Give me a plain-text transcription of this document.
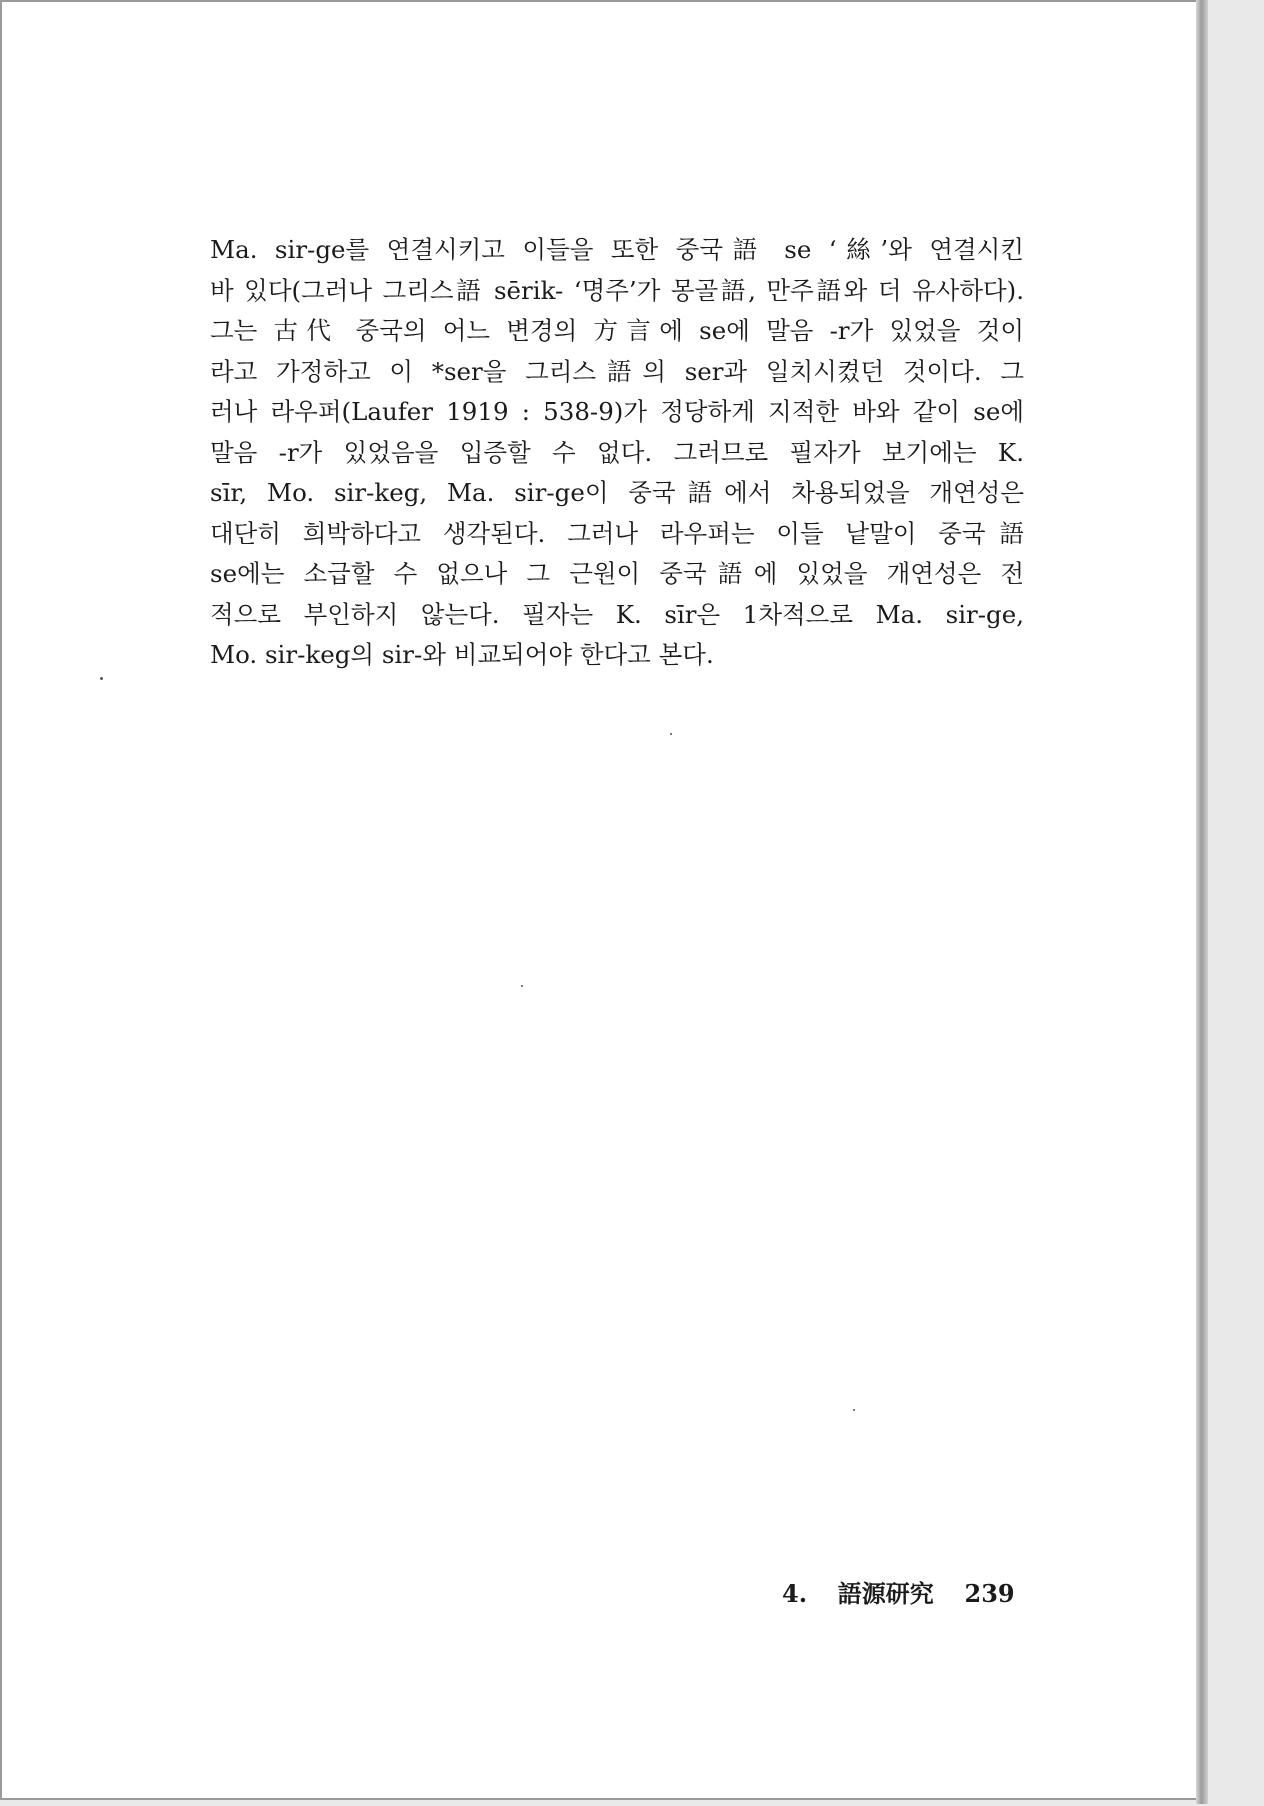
Ma. sir-ge를 연결시키고 이들을 또한 중국語 se ‘絲’와 연결시킨
바 있다(그러나 그리스語 sērik- ‘명주’가 몽골語, 만주語와 더 유사하다).
그는 古代 중국의 어느 변경의 方言에 se에 말음 -r가 있었을 것이
라고 가정하고 이 *ser을 그리스語의 ser과 일치시켰던 것이다. 그
러나 라우퍼(Laufer 1919 : 538-9)가 정당하게 지적한 바와 같이 se에
말음 -r가 있었음을 입증할 수 없다. 그러므로 필자가 보기에는 K.
sīr, Mo. sir-keg, Ma. sir-ge이 중국語에서 차용되었을 개연성은
대단히 희박하다고 생각된다. 그러나 라우퍼는 이들 낱말이 중국語
se에는 소급할 수 없으나 그 근원이 중국語에 있었을 개연성은 전
적으로 부인하지 않는다. 필자는 K. sīr은 1차적으로 Ma. sir-ge,
Mo. sir-keg의 sir-와 비교되어야 한다고 본다.
4. 語源研究 239
